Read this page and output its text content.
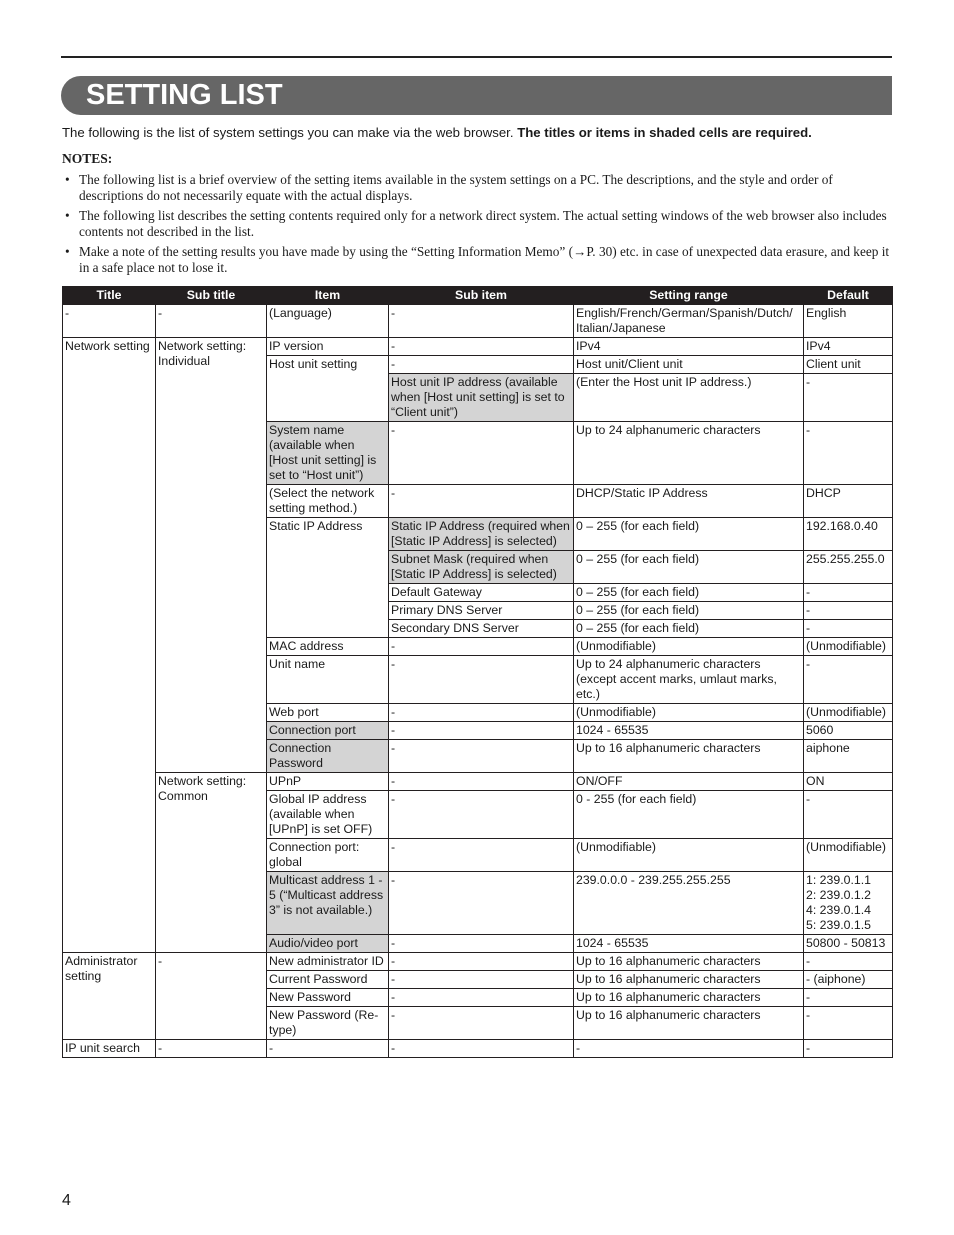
SETTING LIST
The following is the list of system settings you can make via the web browser. The titles or items in shaded cells are required.
NOTES:
• The following list is a brief overview of the setting items available in the system settings on a PC. The descriptions, and the style and order of descriptions do not necessarily equate with the actual displays.
• The following list describes the setting contents required only for a network direct system. The actual setting windows of the web browser also includes contents not described in the list.
• Make a note of the setting results you have made by using the “Setting Information Memo” (→P. 30) etc. in case of unexpected data erasure, and keep it in a safe place not to lose it.
Title	Sub title	Item	Sub item	Setting range	Default
-	-	(Language)	-	English/French/German/Spanish/Dutch/ Italian/Japanese	English
Network setting	Network setting: Individual	IP version	-	IPv4	IPv4
		Host unit setting	-	Host unit/Client unit	Client unit
			Host unit IP address (available when [Host unit setting] is set to “Client unit”)	(Enter the Host unit IP address.)	-
		System name (available when [Host unit setting] is set to “Host unit”)	-	Up to 24 alphanumeric characters	-
		(Select the network setting method.)	-	DHCP/Static IP Address	DHCP
		Static IP Address	Static IP Address (required when [Static IP Address] is selected)	0 – 255 (for each field)	192.168.0.40
			Subnet Mask (required when [Static IP Address] is selected)	0 – 255 (for each field)	255.255.255.0
			Default Gateway	0 – 255 (for each field)	-
			Primary DNS Server	0 – 255 (for each field)	-
			Secondary DNS Server	0 – 255 (for each field)	-
		MAC address	-	(Unmodifiable)	(Unmodifiable)
		Unit name	-	Up to 24 alphanumeric characters (except accent marks, umlaut marks, etc.)	-
		Web port	-	(Unmodifiable)	(Unmodifiable)
		Connection port	-	1024 - 65535	5060
		Connection Password	-	Up to 16 alphanumeric characters	aiphone
	Network setting: Common	UPnP	-	ON/OFF	ON
		Global IP address (available when [UPnP] is set OFF)	-	0 - 255 (for each field)	-
		Connection port: global	-	(Unmodifiable)	(Unmodifiable)
		Multicast address 1 - 5 (“Multicast address 3” is not available.)	-	239.0.0.0 - 239.255.255.255	1: 239.0.1.1
2: 239.0.1.2
4: 239.0.1.4
5: 239.0.1.5

		Audio/video port	-	1024 - 65535	50800 - 50813
Administrator setting	-	New administrator ID	-	Up to 16 alphanumeric characters	-
		Current Password	-	Up to 16 alphanumeric characters	- (aiphone)
		New Password	-	Up to 16 alphanumeric characters	-
		New Password (Re-type)	-	Up to 16 alphanumeric characters	-
IP unit search	-	-	-	-	-
4
